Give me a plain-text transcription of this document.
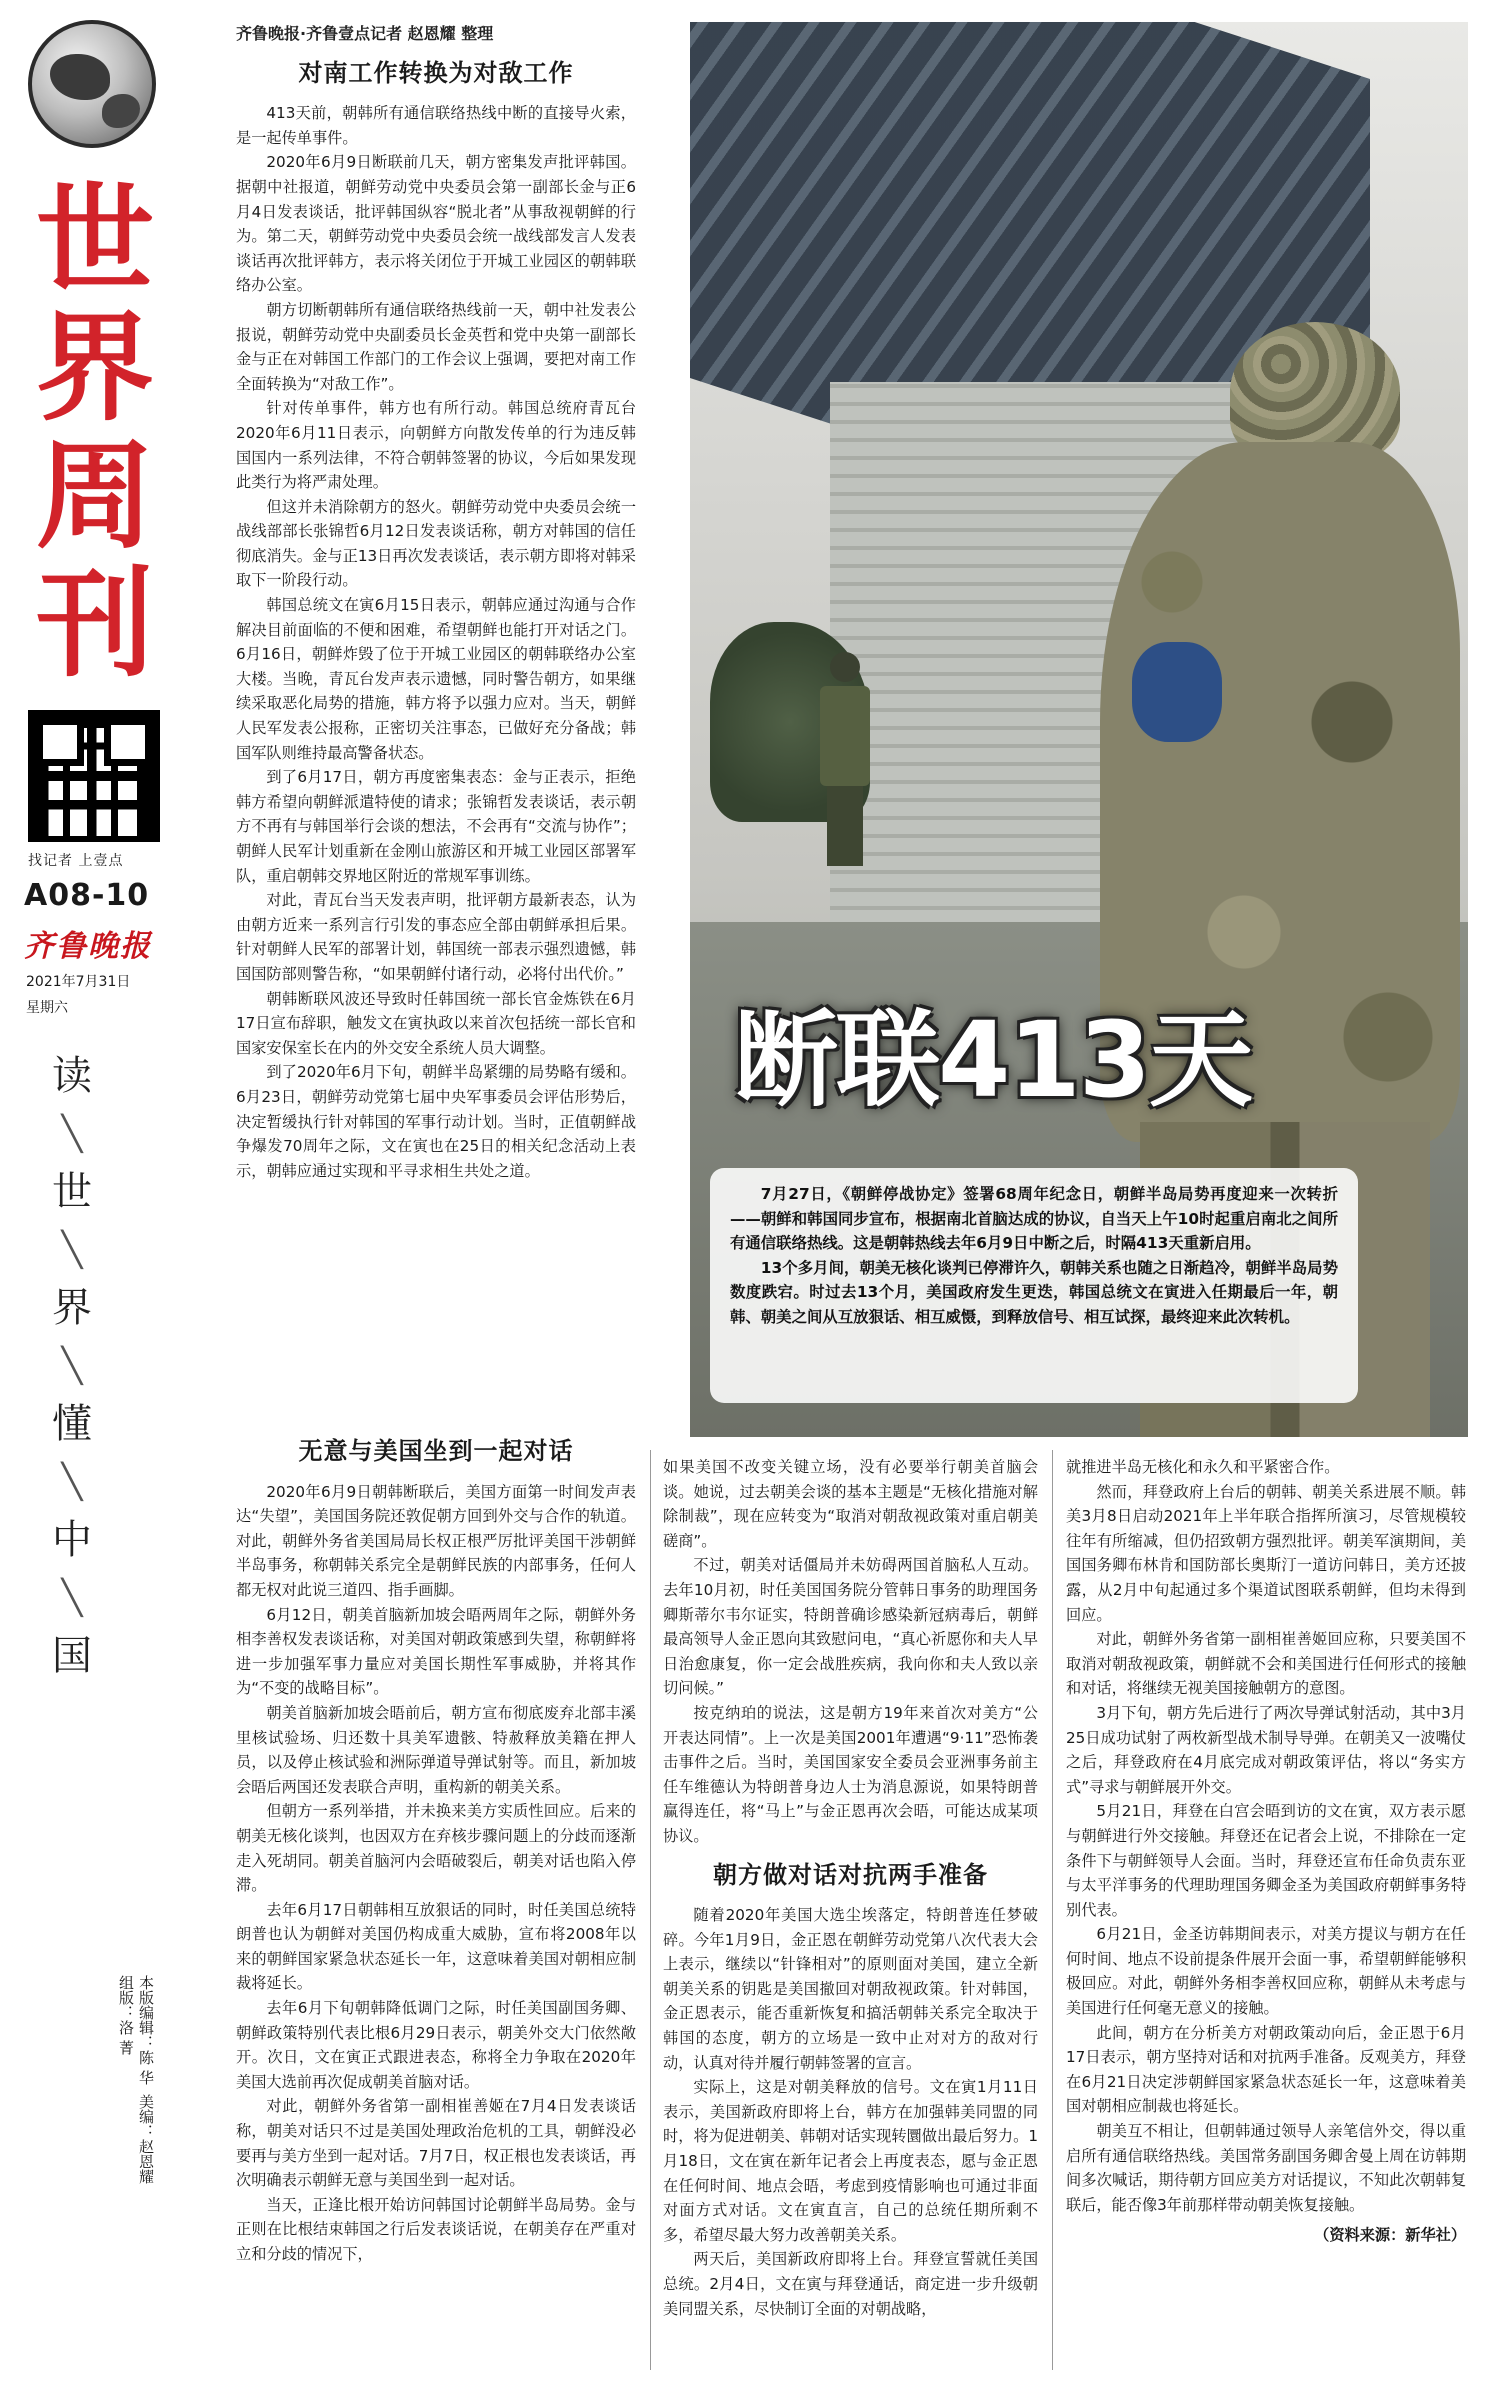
世
界
周
刊
找记者 上壹点
A08-10
齐鲁晚报
2021年7月31日
星期六
读
╲
世
╲
界
╲
懂
╲
中
╲
国
本版编辑：陈 华 美编：赵恩耀 组版：洛 菁
齐鲁晚报·齐鲁壹点记者 赵恩耀 整理
对南工作转换为对敌工作

413天前，朝韩所有通信联络热线中断的直接导火索，是一起传单事件。

2020年6月9日断联前几天，朝方密集发声批评韩国。据朝中社报道，朝鲜劳动党中央委员会第一副部长金与正6月4日发表谈话，批评韩国纵容“脱北者”从事敌视朝鲜的行为。第二天，朝鲜劳动党中央委员会统一战线部发言人发表谈话再次批评韩方，表示将关闭位于开城工业园区的朝韩联络办公室。

朝方切断朝韩所有通信联络热线前一天，朝中社发表公报说，朝鲜劳动党中央副委员长金英哲和党中央第一副部长金与正在对韩国工作部门的工作会议上强调，要把对南工作全面转换为“对敌工作”。

针对传单事件，韩方也有所行动。韩国总统府青瓦台2020年6月11日表示，向朝鲜方向散发传单的行为违反韩国国内一系列法律，不符合朝韩签署的协议，今后如果发现此类行为将严肃处理。

但这并未消除朝方的怒火。朝鲜劳动党中央委员会统一战线部部长张锦哲6月12日发表谈话称，朝方对韩国的信任彻底消失。金与正13日再次发表谈话，表示朝方即将对韩采取下一阶段行动。

韩国总统文在寅6月15日表示，朝韩应通过沟通与合作解决目前面临的不便和困难，希望朝鲜也能打开对话之门。6月16日，朝鲜炸毁了位于开城工业园区的朝韩联络办公室大楼。当晚，青瓦台发声表示遗憾，同时警告朝方，如果继续采取恶化局势的措施，韩方将予以强力应对。当天，朝鲜人民军发表公报称，正密切关注事态，已做好充分备战；韩国军队则维持最高警备状态。

到了6月17日，朝方再度密集表态：金与正表示，拒绝韩方希望向朝鲜派遣特使的请求；张锦哲发表谈话，表示朝方不再有与韩国举行会谈的想法，不会再有“交流与协作”；朝鲜人民军计划重新在金刚山旅游区和开城工业园区部署军队，重启朝韩交界地区附近的常规军事训练。

对此，青瓦台当天发表声明，批评朝方最新表态，认为由朝方近来一系列言行引发的事态应全部由朝鲜承担后果。针对朝鲜人民军的部署计划，韩国统一部表示强烈遗憾，韩国国防部则警告称，“如果朝鲜付诸行动，必将付出代价。”

朝韩断联风波还导致时任韩国统一部长官金炼铁在6月17日宣布辞职，触发文在寅执政以来首次包括统一部长官和国家安保室长在内的外交安全系统人员大调整。

到了2020年6月下旬，朝鲜半岛紧绷的局势略有缓和。6月23日，朝鲜劳动党第七届中央军事委员会评估形势后，决定暂缓执行针对韩国的军事行动计划。当时，正值朝鲜战争爆发70周年之际，文在寅也在25日的相关纪念活动上表示，朝韩应通过实现和平寻求相生共处之道。

无意与美国坐到一起对话

2020年6月9日朝韩断联后，美国方面第一时间发声表达“失望”，美国国务院还敦促朝方回到外交与合作的轨道。对此，朝鲜外务省美国局局长权正根严厉批评美国干涉朝鲜半岛事务，称朝韩关系完全是朝鲜民族的内部事务，任何人都无权对此说三道四、指手画脚。

6月12日，朝美首脑新加坡会晤两周年之际，朝鲜外务相李善权发表谈话称，对美国对朝政策感到失望，称朝鲜将进一步加强军事力量应对美国长期性军事威胁，并将其作为“不变的战略目标”。

朝美首脑新加坡会晤前后，朝方宣布彻底废弃北部丰溪里核试验场、归还数十具美军遗骸、特赦释放美籍在押人员，以及停止核试验和洲际弹道导弹试射等。而且，新加坡会晤后两国还发表联合声明，重构新的朝美关系。

但朝方一系列举措，并未换来美方实质性回应。后来的朝美无核化谈判，也因双方在弃核步骤问题上的分歧而逐渐走入死胡同。朝美首脑河内会晤破裂后，朝美对话也陷入停滞。

去年6月17日朝韩相互放狠话的同时，时任美国总统特朗普也认为朝鲜对美国仍构成重大威胁，宣布将2008年以来的朝鲜国家紧急状态延长一年，这意味着美国对朝相应制裁将延长。

去年6月下旬朝韩降低调门之际，时任美国副国务卿、朝鲜政策特别代表比根6月29日表示，朝美外交大门依然敞开。次日，文在寅正式跟进表态，称将全力争取在2020年美国大选前再次促成朝美首脑对话。

对此，朝鲜外务省第一副相崔善姬在7月4日发表谈话称，朝美对话只不过是美国处理政治危机的工具，朝鲜没必要再与美方坐到一起对话。7月7日，权正根也发表谈话，再次明确表示朝鲜无意与美国坐到一起对话。

当天，正逢比根开始访问韩国讨论朝鲜半岛局势。金与正则在比根结束韩国之行后发表谈话说，在朝美存在严重对立和分歧的情况下，

断联413天

7月27日，《朝鲜停战协定》签署68周年纪念日，朝鲜半岛局势再度迎来一次转折——朝鲜和韩国同步宣布，根据南北首脑达成的协议，自当天上午10时起重启南北之间所有通信联络热线。这是朝韩热线去年6月9日中断之后，时隔413天重新启用。

13个多月间，朝美无核化谈判已停滞许久，朝韩关系也随之日渐趋冷，朝鲜半岛局势数度跌宕。时过去13个月，美国政府发生更迭，韩国总统文在寅进入任期最后一年，朝韩、朝美之间从互放狠话、相互威慑，到释放信号、相互试探，最终迎来此次转机。

如果美国不改变关键立场，没有必要举行朝美首脑会谈。她说，过去朝美会谈的基本主题是“无核化措施对解除制裁”，现在应转变为“取消对朝敌视政策对重启朝美磋商”。

不过，朝美对话僵局并未妨碍两国首脑私人互动。去年10月初，时任美国国务院分管韩日事务的助理国务卿斯蒂尔韦尔证实，特朗普确诊感染新冠病毒后，朝鲜最高领导人金正恩向其致慰问电，“真心祈愿你和夫人早日治愈康复，你一定会战胜疾病，我向你和夫人致以亲切问候。”

按克纳珀的说法，这是朝方19年来首次对美方“公开表达同情”。上一次是美国2001年遭遇“9·11”恐怖袭击事件之后。当时，美国国家安全委员会亚洲事务前主任车维德认为特朗普身边人士为消息源说，如果特朗普赢得连任，将“马上”与金正恩再次会晤，可能达成某项协议。

朝方做对话对抗两手准备

随着2020年美国大选尘埃落定，特朗普连任梦破碎。今年1月9日，金正恩在朝鲜劳动党第八次代表大会上表示，继续以“针锋相对”的原则面对美国，建立全新朝美关系的钥匙是美国撤回对朝敌视政策。针对韩国，金正恩表示，能否重新恢复和搞活朝韩关系完全取决于韩国的态度，朝方的立场是一致中止对对方的敌对行动，认真对待并履行朝韩签署的宣言。

实际上，这是对朝美释放的信号。文在寅1月11日表示，美国新政府即将上台，韩方在加强韩美同盟的同时，将为促进朝美、韩朝对话实现转圜做出最后努力。1月18日，文在寅在新年记者会上再度表态，愿与金正恩在任何时间、地点会晤，考虑到疫情影响也可通过非面对面方式对话。文在寅直言，自己的总统任期所剩不多，希望尽最大努力改善朝美关系。

两天后，美国新政府即将上台。拜登宣誓就任美国总统。2月4日，文在寅与拜登通话，商定进一步升级朝美同盟关系，尽快制订全面的对朝战略，

就推进半岛无核化和永久和平紧密合作。

然而，拜登政府上台后的朝韩、朝美关系进展不顺。韩美3月8日启动2021年上半年联合指挥所演习，尽管规模较往年有所缩减，但仍招致朝方强烈批评。朝美军演期间，美国国务卿布林肯和国防部长奥斯汀一道访问韩日，美方还披露，从2月中旬起通过多个渠道试图联系朝鲜，但均未得到回应。

对此，朝鲜外务省第一副相崔善姬回应称，只要美国不取消对朝敌视政策，朝鲜就不会和美国进行任何形式的接触和对话，将继续无视美国接触朝方的意图。

3月下旬，朝方先后进行了两次导弹试射活动，其中3月25日成功试射了两枚新型战术制导导弹。在朝美又一波嘴仗之后，拜登政府在4月底完成对朝政策评估，将以“务实方式”寻求与朝鲜展开外交。

5月21日，拜登在白宫会晤到访的文在寅，双方表示愿与朝鲜进行外交接触。拜登还在记者会上说，不排除在一定条件下与朝鲜领导人会面。当时，拜登还宣布任命负责东亚与太平洋事务的代理助理国务卿金圣为美国政府朝鲜事务特别代表。

6月21日，金圣访韩期间表示，对美方提议与朝方在任何时间、地点不设前提条件展开会面一事，希望朝鲜能够积极回应。对此，朝鲜外务相李善权回应称，朝鲜从未考虑与美国进行任何毫无意义的接触。

此间，朝方在分析美方对朝政策动向后，金正恩于6月17日表示，朝方坚持对话和对抗两手准备。反观美方，拜登在6月21日决定涉朝鲜国家紧急状态延长一年，这意味着美国对朝相应制裁也将延长。

朝美互不相让，但朝韩通过领导人亲笔信外交，得以重启所有通信联络热线。美国常务副国务卿舍曼上周在访韩期间多次喊话，期待朝方回应美方对话提议，不知此次朝韩复联后，能否像3年前那样带动朝美恢复接触。

（资料来源：新华社）
